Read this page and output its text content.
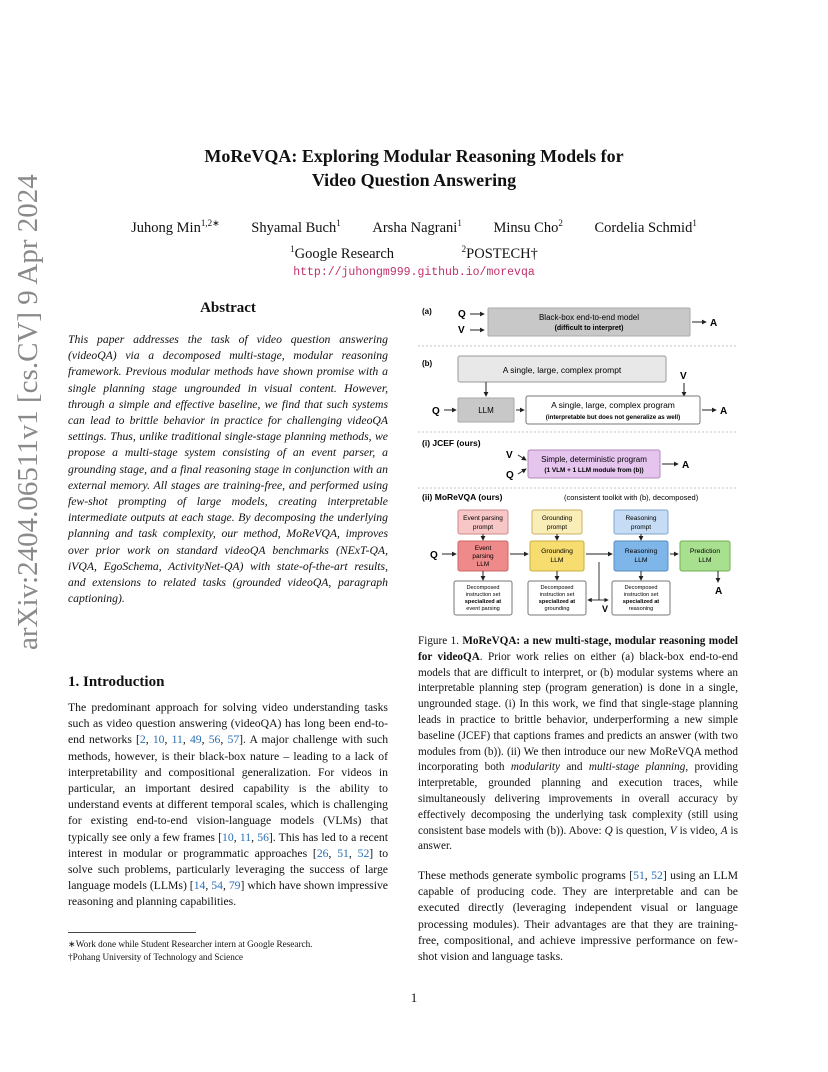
MoReVQA: Exploring Modular Reasoning Models for
Video Question Answering
Juhong Min$^{1,2∗}$ Shyamal Buch$^1$ Arsha Nagrani$^1$ Minsu Cho$^2$ Cordelia Schmid$^1$
$^1$Google Research	$^2$POSTECH†
http://juhongm999.github.io/morevqa
arXiv:2404.06511v1 [cs.CV] 9 Apr 2024	Abstract
This paper addresses the task of video question answering (videoQA) via a decomposed multi-stage, modular reasoning framework. Previous modular methods have shown promise with a single planning stage ungrounded in visual content. However, through a simple and effective baseline, we find that such systems can lead to brittle behavior in practice for challenging videoQA settings. Thus, unlike traditional single-stage planning methods, we propose a multi-stage system consisting of an event parser, a grounding stage, and a final reasoning stage in conjunction with an external memory. All stages are training-free, and performed using few-shot prompting of large models, creating interpretable intermediate outputs at each stage. By decomposing the underlying planning and task complexity, our method, MoReVQA, improves over prior work on standard videoQA benchmarks (NExT-QA, iVQA, EgoSchema, ActivityNet-QA) with state-of-the-art results, and extensions to related tasks (grounded videoQA, paragraph captioning).
1. Introduction
The predominant approach for solving video understanding tasks such as video question answering (videoQA) has long been end-to-end networks [2, 10, 11, 49, 56, 57]. A major challenge with such methods, however, is their black-box nature – leading to a lack of interpretability and compositional generalization. For videos in particular, an important desired capability is the ability to understand events at different temporal scales, which is challenging for existing end-to-end vision-language models (VLMs) that typically see only a few frames [10, 11, 56]. This has led to a recent interest in modular or programmatic approaches [26, 51, 52] to solve such problems, particularly leveraging the success of large language models (LLMs) [14, 54, 79] which have shown impressive reasoning and planning capabilities.
∗Work done while Student Researcher intern at Google Research.
†Pohang University of Technology and Science
(a)	Q
V
Black-box end-to-end model
(difficult to interpret)	A
(b)
A single, large, complex prompt
V
Q	LLM
A single, large, complex program
(interpretable but does not generalize as well)
A
(i) JCEF (ours)
V
Q
Simple, deterministic program
(1 VLM + 1 LLM module from (b))	A
(ii) MoReVQA (ours)	(consistent toolkit with (b), decomposed)
Event parsing
prompt
Grounding
prompt
Reasoning
prompt
Q
Event
parsing
LLM
Grounding
LLM
Reasoning
LLM
Prediction
LLM
A
Decomposed
instruction set
specialized at
event parsing
Decomposed
instruction set
specialized at
grounding
Decomposed
instruction set
specialized at
reasoning
V
Figure 1. MoReVQA: a new multi-stage, modular reasoning model for videoQA. Prior work relies on either (a) black-box end-to-end models that are difficult to interpret, or (b) modular systems where an interpretable planning step (program generation) is done in a single, ungrounded stage. (i) In this work, we find that single-stage planning leads in practice to brittle behavior, underperforming a new simple baseline (JCEF) that captions frames and predicts an answer (with two modules from (b)). (ii) We then introduce our new MoReVQA method incorporating both modularity and multi-stage planning, providing interpretable, grounded planning and execution traces, while simultaneously delivering improvements in overall accuracy by effectively decomposing the underlying task complexity (still using consistent base models with (b)). Above: Q is question, V is video, A is answer.
These methods generate symbolic programs [51, 52] using an LLM capable of producing code. They are interpretable and can be executed directly (leveraging independent visual or language processing modules). Their advantages are that they are training-free, compositional, and achieve impressive performance on few-shot vision and language tasks.
1
